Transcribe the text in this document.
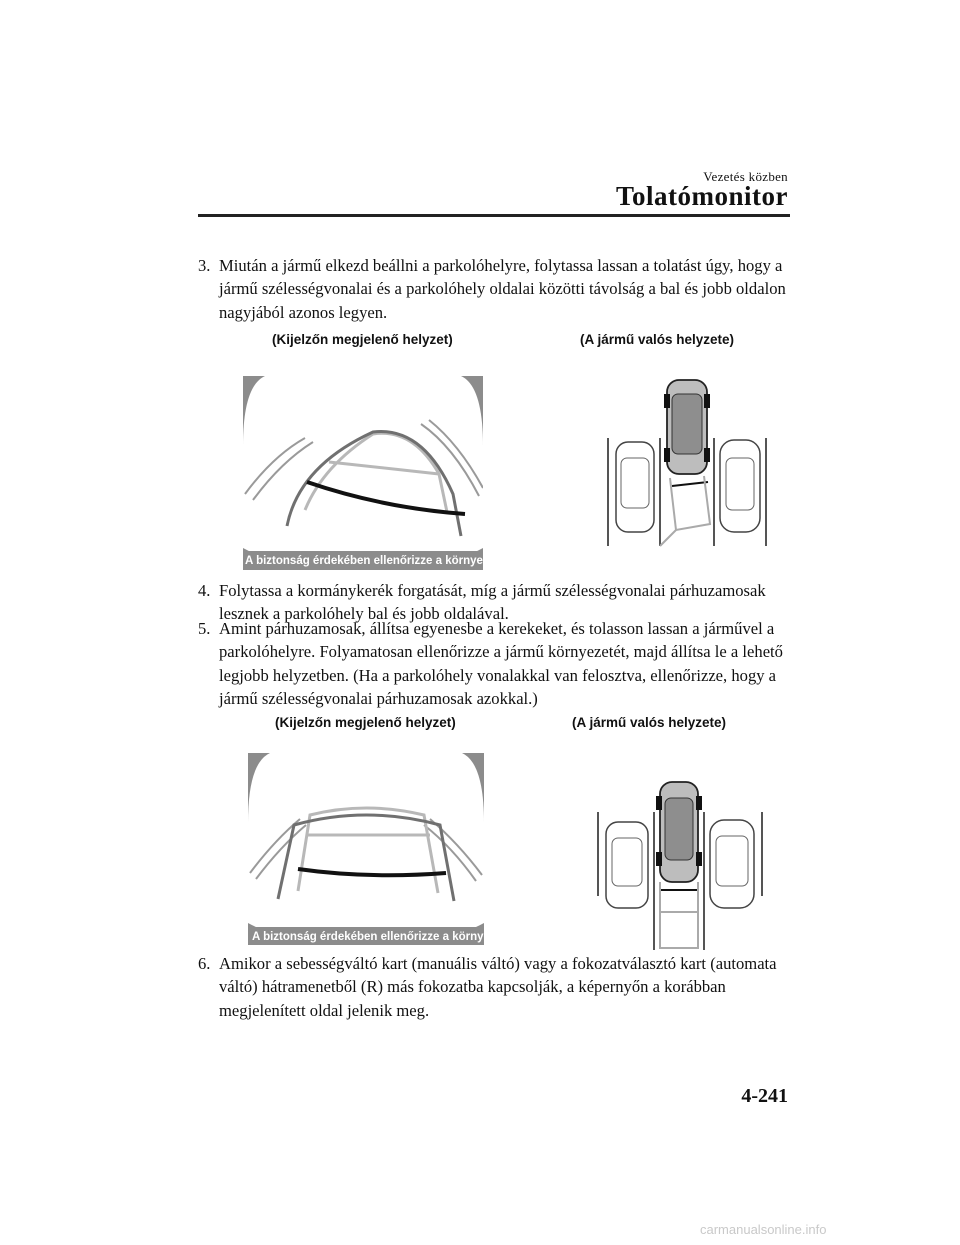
Vezetés közben
Tolatómonitor
3. Miután a jármű elkezd beállni a parkolóhelyre, folytassa lassan a tolatást úgy, hogy a jármű szélességvonalai és a parkolóhely oldalai közötti távolság a bal és jobb oldalon nagyjából azonos legyen.
(Kijelzőn megjelenő helyzet)	(A jármű valós helyzete)
A biztonság érdekében ellenőrizze a környezetet
4. Folytassa a kormánykerék forgatását, míg a jármű szélességvonalai párhuzamosak lesznek a parkolóhely bal és jobb oldalával.
5. Amint párhuzamosak, állítsa egyenesbe a kerekeket, és tolasson lassan a járművel a parkolóhelyre. Folyamatosan ellenőrizze a jármű környezetét, majd állítsa le a lehető legjobb helyzetben. (Ha a parkolóhely vonalakkal van felosztva, ellenőrizze, hogy a jármű szélességvonalai párhuzamosak azokkal.)
(Kijelzőn megjelenő helyzet)	(A jármű valós helyzete)
A biztonság érdekében ellenőrizze a környezetet
6. Amikor a sebességváltó kart (manuális váltó) vagy a fokozatválasztó kart (automata váltó) hátramenetből (R) más fokozatba kapcsolják, a képernyőn a korábban megjelenített oldal jelenik meg.
4-241
carmanualsonline.info
